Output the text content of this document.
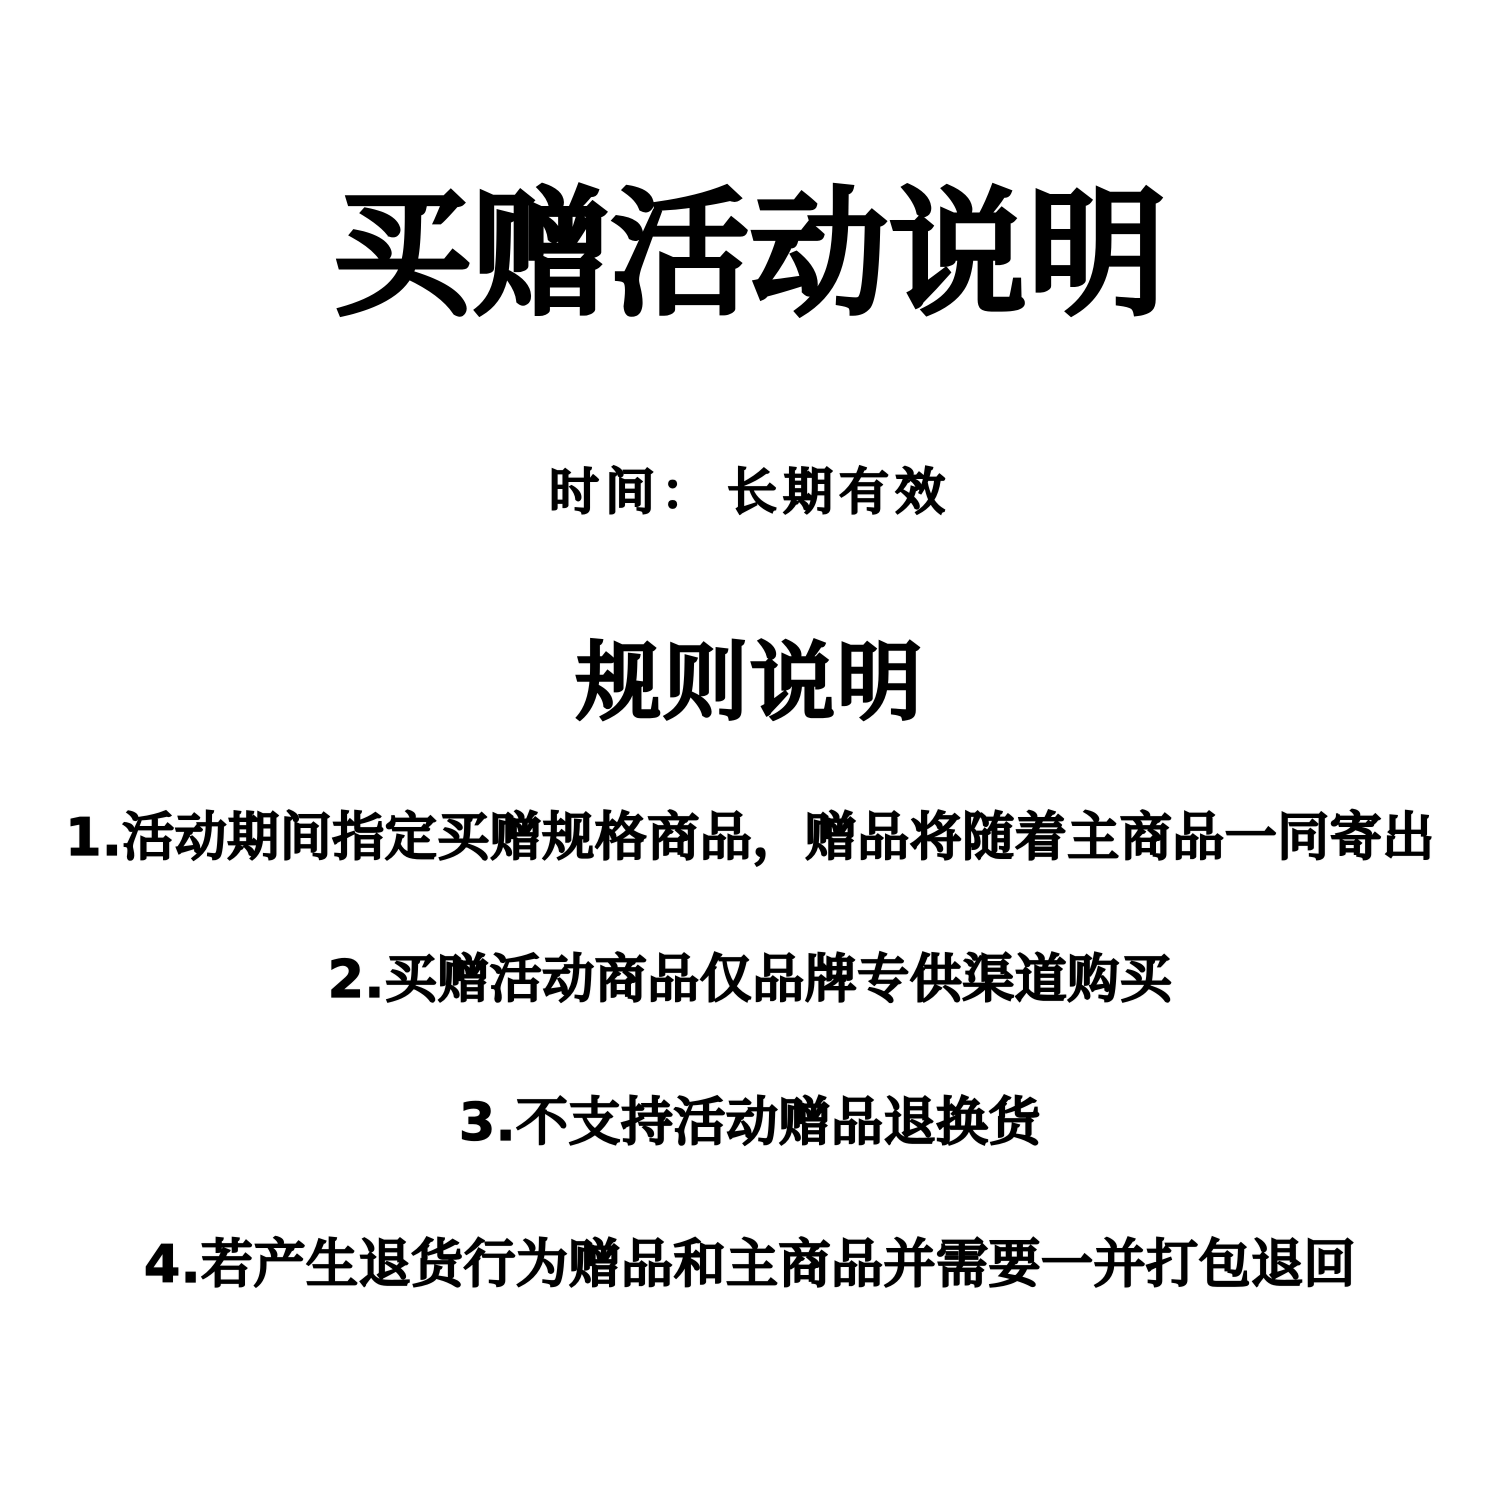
买赠活动说明
时间： 长期有效
规则说明
1.活动期间指定买赠规格商品，赠品将随着主商品一同寄出
2.买赠活动商品仅品牌专供渠道购买
3.不支持活动赠品退换货
4.若产生退货行为赠品和主商品并需要一并打包退回
